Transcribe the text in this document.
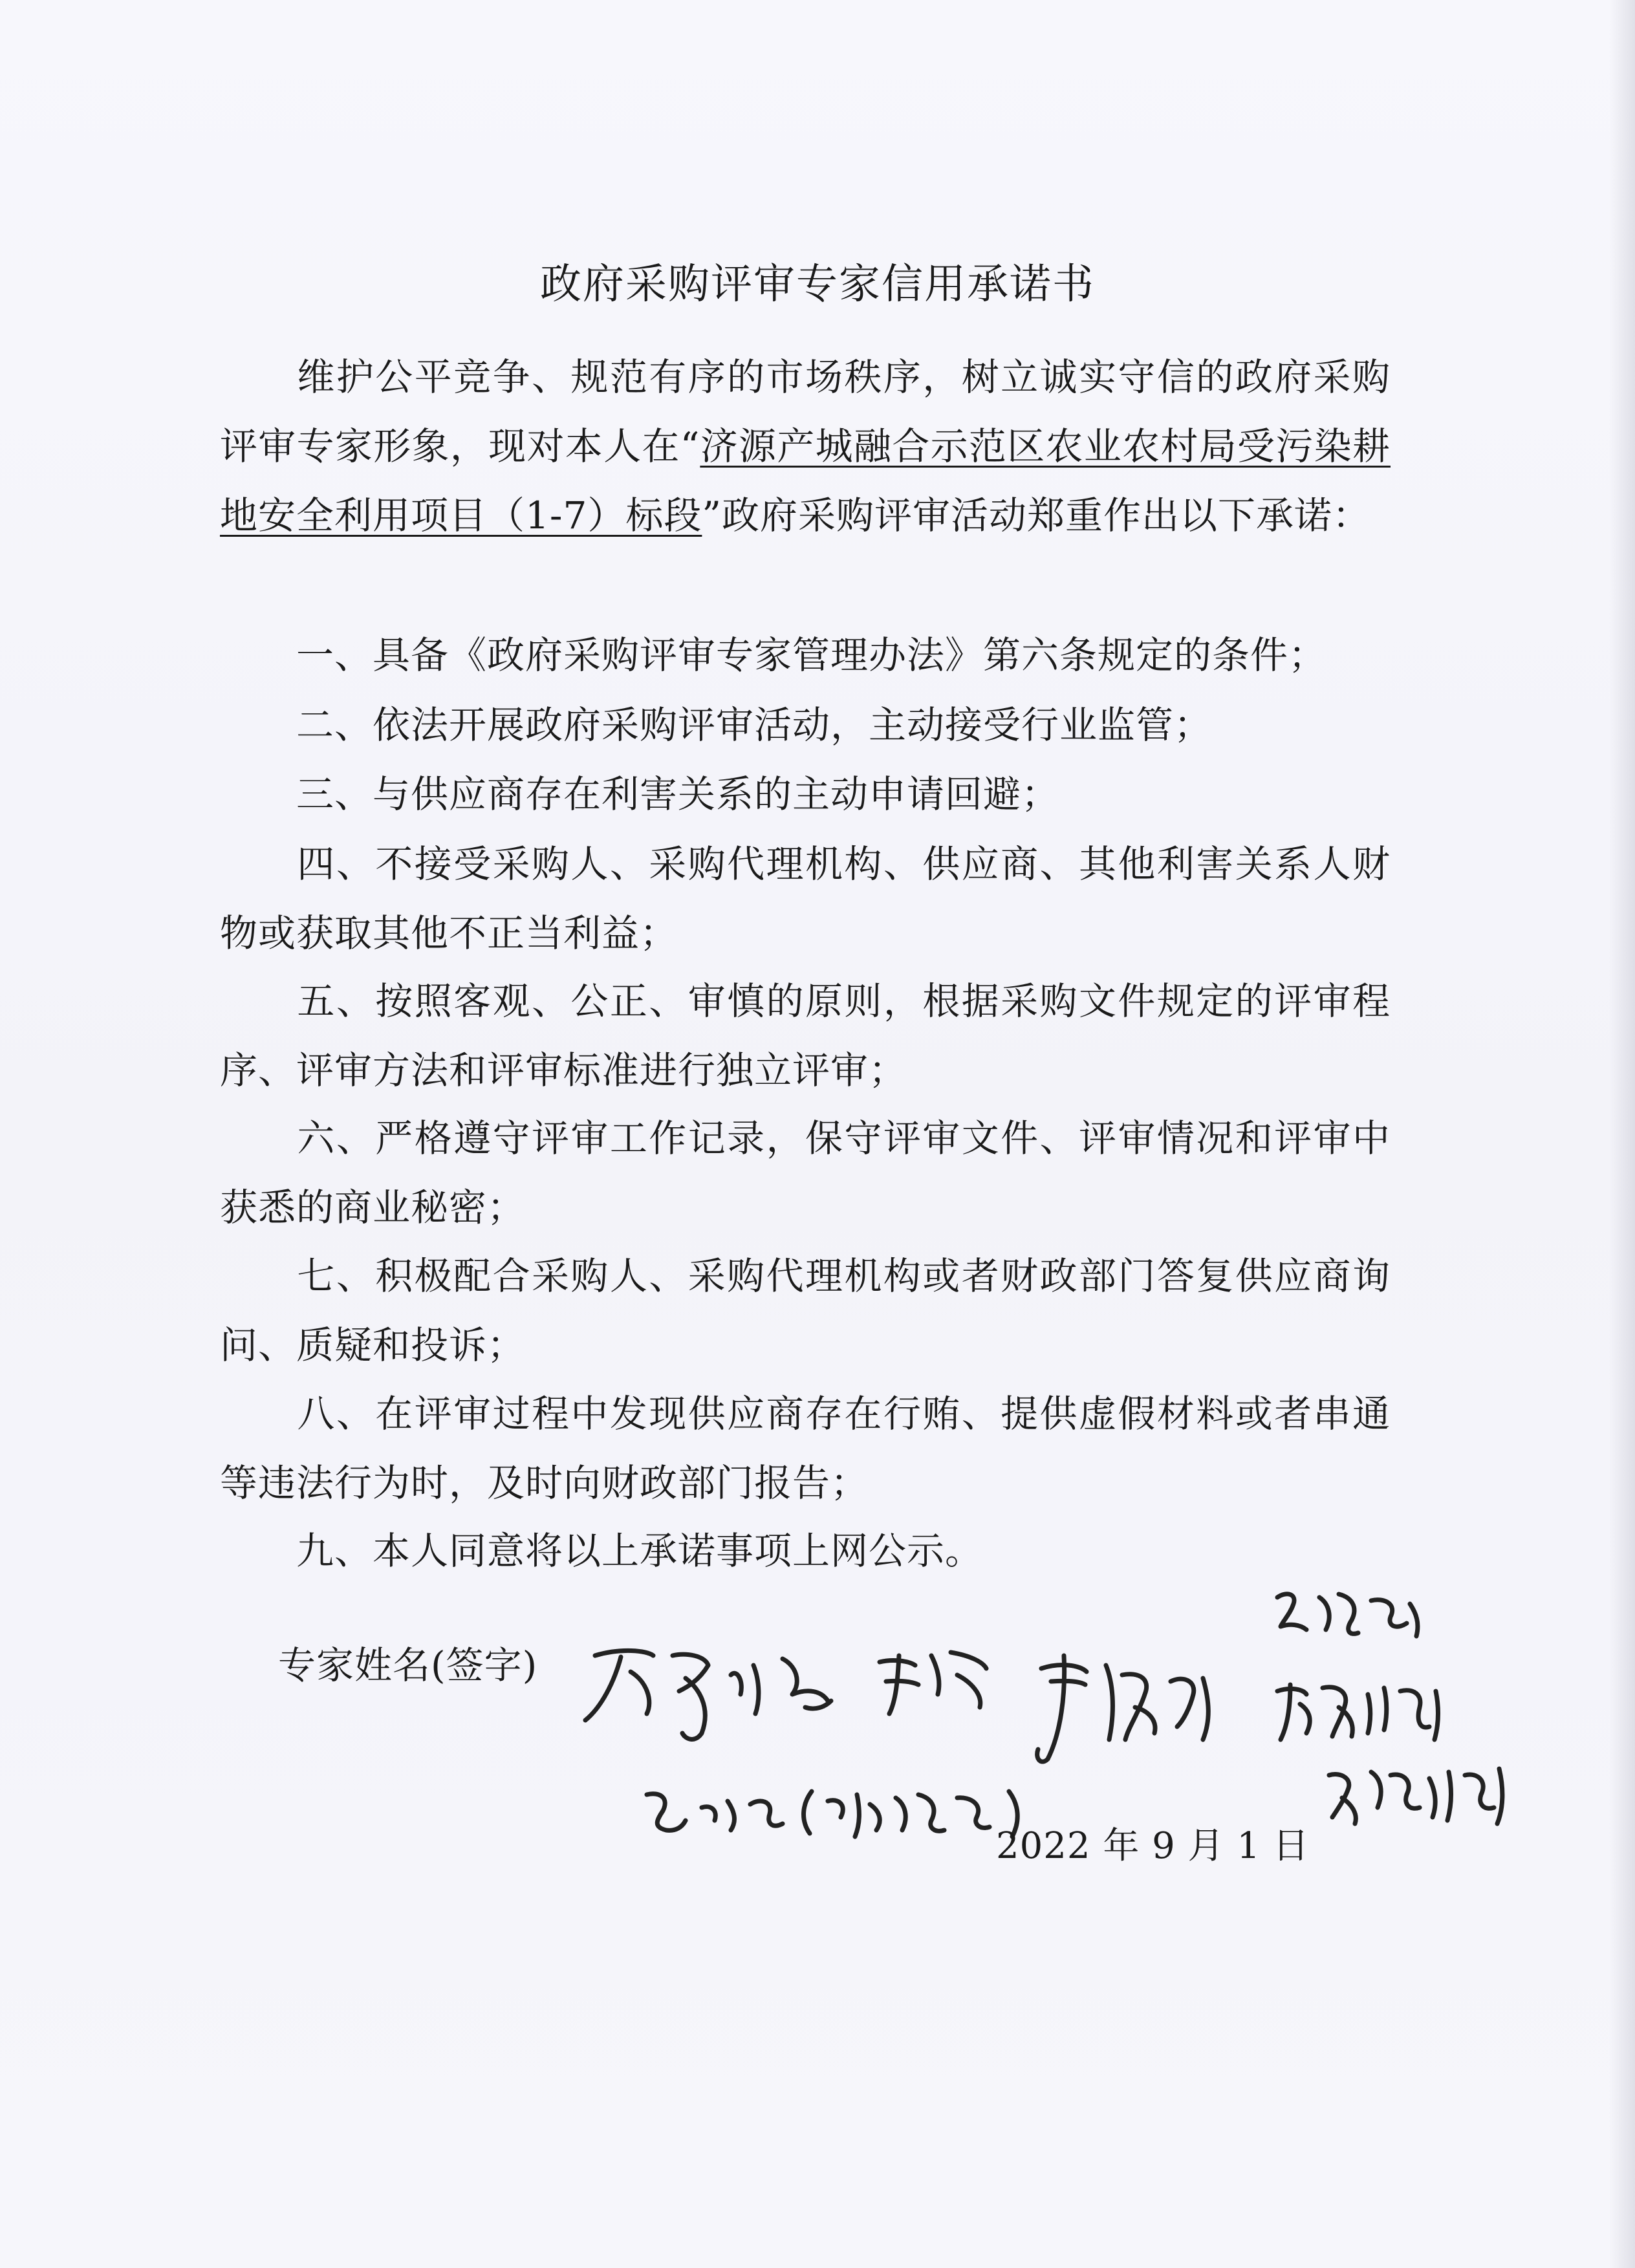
政府采购评审专家信用承诺书
维护公平竞争、规范有序的市场秩序，树立诚实守信的政府采购评审专家形象，现对本人在“济源产城融合示范区农业农村局受污染耕地安全利用项目（1-7）标段”政府采购评审活动郑重作出以下承诺：
一、具备《政府采购评审专家管理办法》第六条规定的条件；
二、依法开展政府采购评审活动，主动接受行业监管；
三、与供应商存在利害关系的主动申请回避；
四、不接受采购人、采购代理机构、供应商、其他利害关系人财物或获取其他不正当利益；
五、按照客观、公正、审慎的原则，根据采购文件规定的评审程序、评审方法和评审标准进行独立评审；
六、严格遵守评审工作记录，保守评审文件、评审情况和评审中获悉的商业秘密；
七、积极配合采购人、采购代理机构或者财政部门答复供应商询问、质疑和投诉；
八、在评审过程中发现供应商存在行贿、提供虚假材料或者串通等违法行为时，及时向财政部门报告；
九、本人同意将以上承诺事项上网公示。
专家姓名(签字)
2022 年 9 月 1 日
